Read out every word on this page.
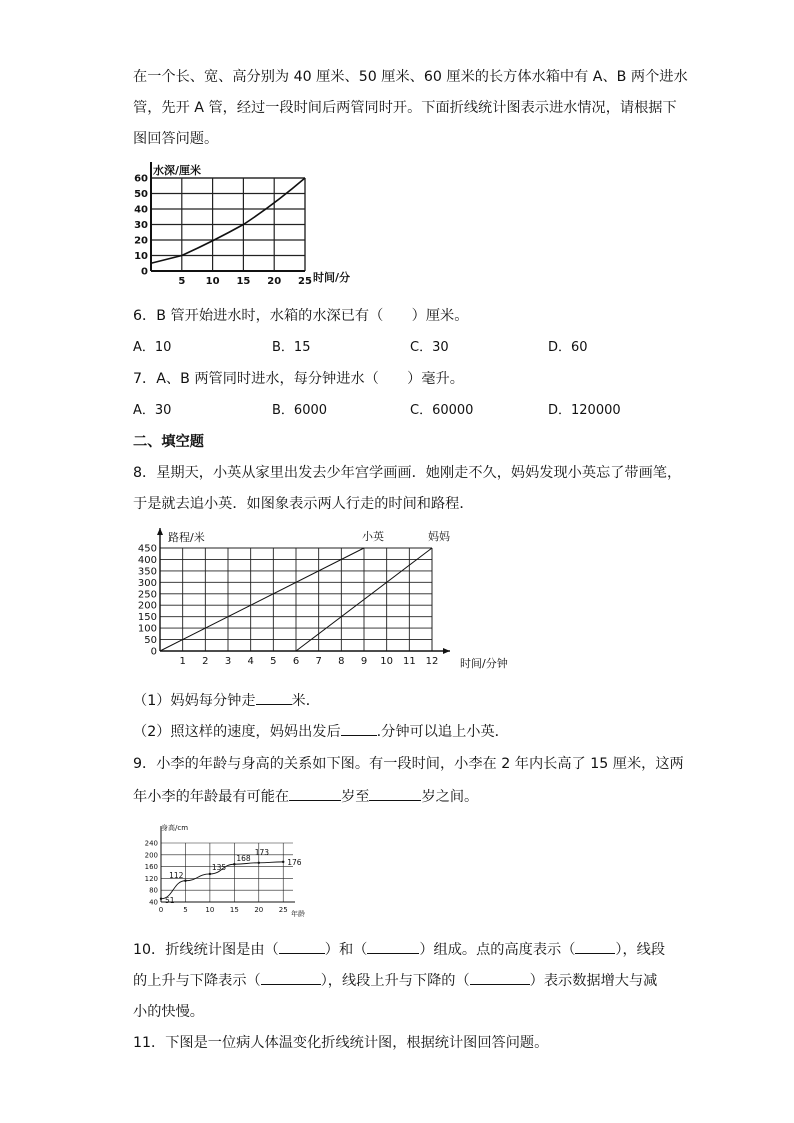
在一个长、宽、高分别为 40 厘米、50 厘米、60 厘米的长方体水箱中有 A、B 两个进水
管，先开 A 管，经过一段时间后两管同时开。下面折线统计图表示进水情况，请根据下
图回答问题。
0
10
20
30
40
50
60
5 10 15 20 25
水深/厘米
时间/分
6．B 管开始进水时，水箱的水深已有（　　）厘米。
A．10	B．15	C．30	D．60
7．A、B 两管同时进水，每分钟进水（　　）毫升。
A．30	B．6000	C．60000	D．120000
二、填空题
8．星期天，小英从家里出发去少年宫学画画．她刚走不久，妈妈发现小英忘了带画笔，
于是就去追小英．如图象表示两人行走的时间和路程．
0
50
100
150
200
250
300
350
400
450
1 2 3 4 5 6 7 8 9 10 11 12
路程/米
时间/分钟
小英	妈妈
（1）妈妈每分钟走	米．
（2）照这样的速度，妈妈出发后	.分钟可以追上小英．
9．小李的年龄与身高的关系如下图。有一段时间，小李在 2 年内长高了 15 厘米，这两
年小李的年龄最有可能在	岁至	岁之间。
40
80
120
160
200
240
0	5	10 15 20 25
身高/cm
年龄
51
112
135
168
173
176
10．折线统计图是由（	）和（	）组成。点的高度表示（	），线段
的上升与下降表示（	），线段上升与下降的（	）表示数据增大与减
小的快慢。
11．下图是一位病人体温变化折线统计图，根据统计图回答问题。
